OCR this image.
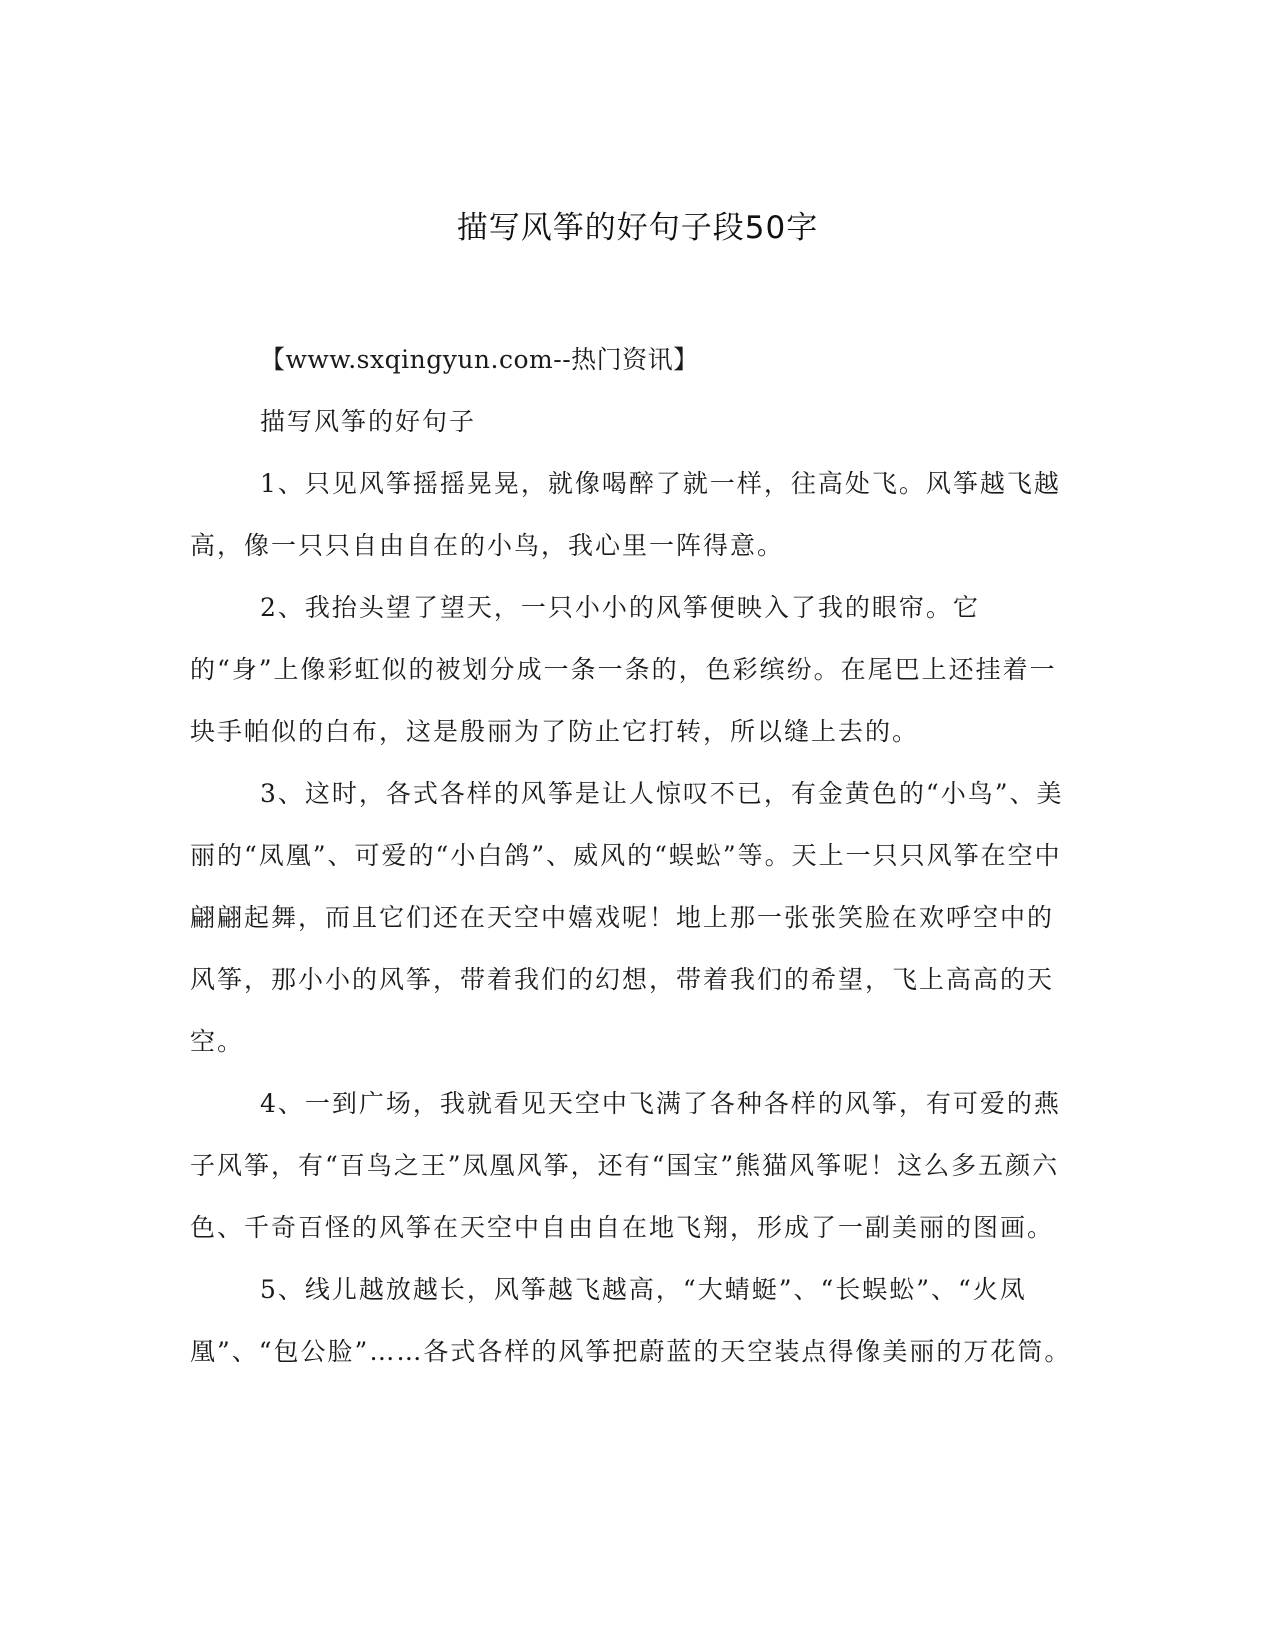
描写风筝的好句子段50字

【www.sxqingyun.com--热门资讯】

描写风筝的好句子

1、只见风筝摇摇晃晃，就像喝醉了就一样，往高处飞。风筝越飞越高，像一只只自由自在的小鸟，我心里一阵得意。

2、我抬头望了望天，一只小小的风筝便映入了我的眼帘。它的“身”上像彩虹似的被划分成一条一条的，色彩缤纷。在尾巴上还挂着一块手帕似的白布，这是殷丽为了防止它打转，所以缝上去的。

3、这时，各式各样的风筝是让人惊叹不已，有金黄色的“小鸟”、美丽的“凤凰”、可爱的“小白鸽”、威风的“蜈蚣”等。天上一只只风筝在空中翩翩起舞，而且它们还在天空中嬉戏呢！地上那一张张笑脸在欢呼空中的风筝，那小小的风筝，带着我们的幻想，带着我们的希望，飞上高高的天空。

4、一到广场，我就看见天空中飞满了各种各样的风筝，有可爱的燕子风筝，有“百鸟之王”凤凰风筝，还有“国宝”熊猫风筝呢！这么多五颜六色、千奇百怪的风筝在天空中自由自在地飞翔，形成了一副美丽的图画。

5、线儿越放越长，风筝越飞越高，“大蜻蜓”、“长蜈蚣”、“火凤凰”、“包公脸”……各式各样的风筝把蔚蓝的天空装点得像美丽的万花筒。
